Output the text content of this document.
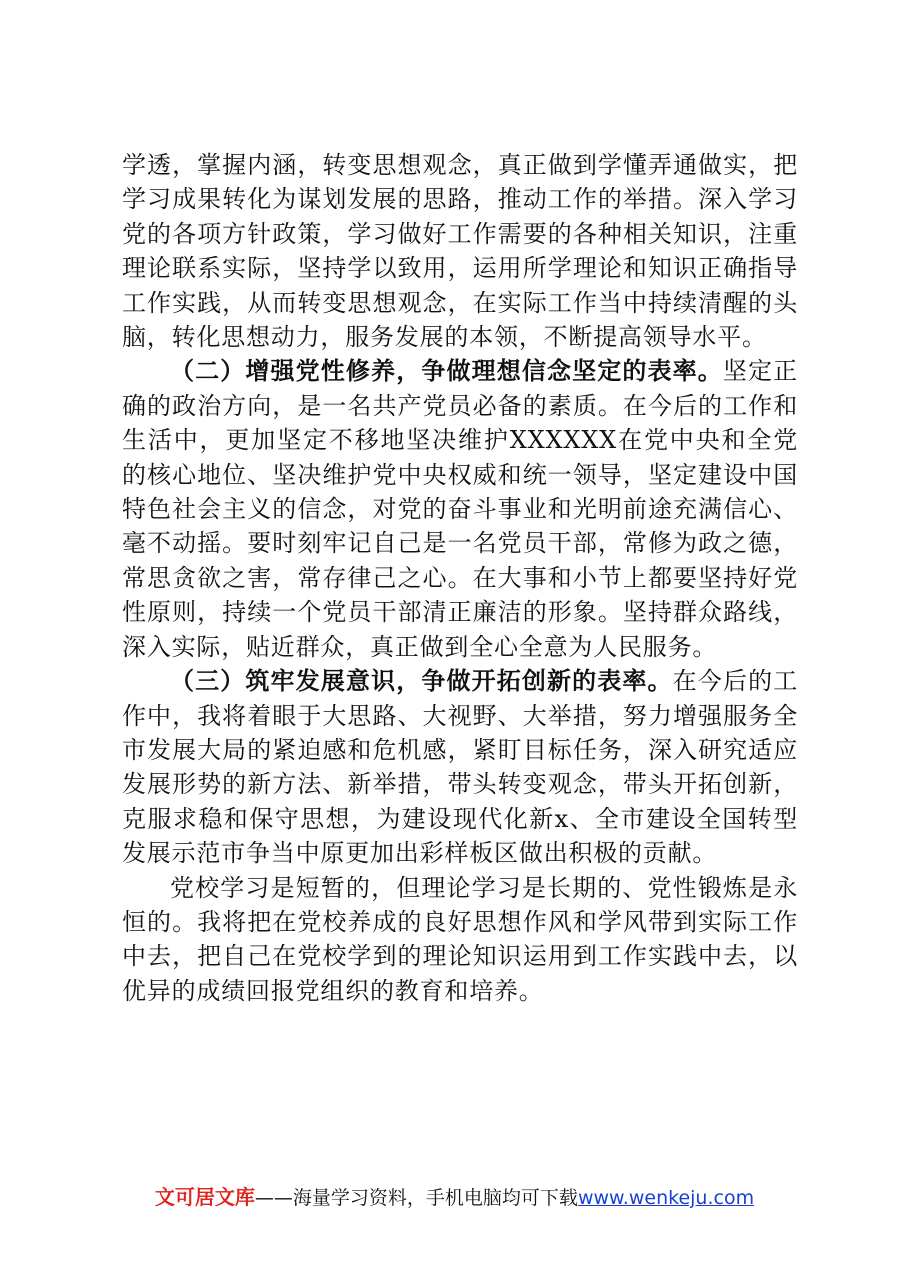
学透，掌握内涵，转变思想观念，真正做到学懂弄通做实，把学习成果转化为谋划发展的思路，推动工作的举措。深入学习党的各项方针政策，学习做好工作需要的各种相关知识，注重理论联系实际，坚持学以致用，运用所学理论和知识正确指导工作实践，从而转变思想观念，在实际工作当中持续清醒的头脑，转化思想动力，服务发展的本领，不断提高领导水平。

（二）增强党性修养，争做理想信念坚定的表率。坚定正确的政治方向，是一名共产党员必备的素质。在今后的工作和生活中，更加坚定不移地坚决维护XXXXXX在党中央和全党的核心地位、坚决维护党中央权威和统一领导，坚定建设中国特色社会主义的信念，对党的奋斗事业和光明前途充满信心、毫不动摇。要时刻牢记自己是一名党员干部，常修为政之德，常思贪欲之害，常存律己之心。在大事和小节上都要坚持好党性原则，持续一个党员干部清正廉洁的形象。坚持群众路线，深入实际，贴近群众，真正做到全心全意为人民服务。

（三）筑牢发展意识，争做开拓创新的表率。在今后的工作中，我将着眼于大思路、大视野、大举措，努力增强服务全市发展大局的紧迫感和危机感，紧盯目标任务，深入研究适应发展形势的新方法、新举措，带头转变观念，带头开拓创新，克服求稳和保守思想，为建设现代化新x、全市建设全国转型发展示范市争当中原更加出彩样板区做出积极的贡献。

党校学习是短暂的，但理论学习是长期的、党性锻炼是永恒的。我将把在党校养成的良好思想作风和学风带到实际工作中去，把自己在党校学到的理论知识运用到工作实践中去，以优异的成绩回报党组织的教育和培养。

文可居文库——海量学习资料，手机电脑均可下载www.wenkeju.com
